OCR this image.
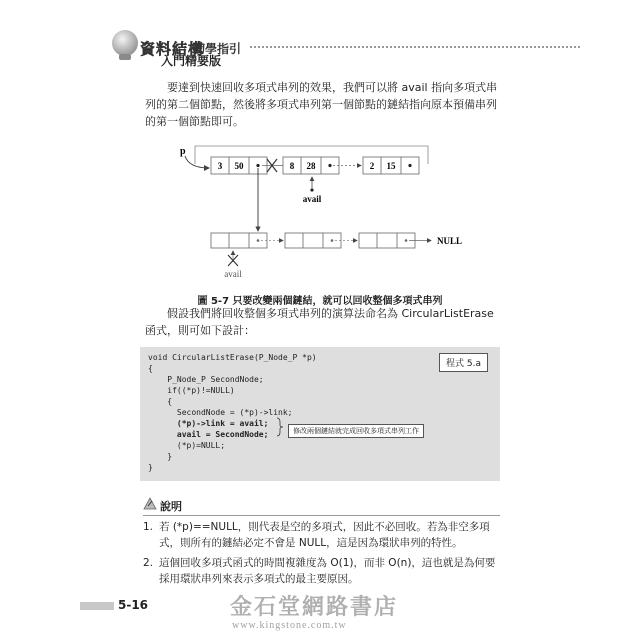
資料結構
初學指引
入門精要版
要達到快速回收多項式串列的效果，我們可以將 avail 指向多項式串列的第二個節點，然後將多項式串列第一個節點的鏈結指向原本預備串列的第一個節點即可。
p
3 50	8 28	2 15
avail
NULL
avail
圖 5-7 只要改變兩個鏈結，就可以回收整個多項式串列
假設我們將回收整個多項式串列的演算法命名為 CircularListErase 函式，則可如下設計：
程式 5.a
void CircularListErase(P_Node_P *p)
{
P_Node_P SecondNode;
if((*p)!=NULL)
{
SecondNode = (*p)->link;
(*p)->link = avail;
avail = SecondNode;
(*p)=NULL;
}
}
修改兩個鏈結就完成回收多項式串列工作
說明
1. 若 (*p)==NULL，則代表是空的多項式，因此不必回收。若為非空多項式，則所有的鏈結必定不會是 NULL，這是因為環狀串列的特性。
2. 這個回收多項式函式的時間複雜度為 O(1)，而非 O(n)，這也就是為何要採用環狀串列來表示多項式的最主要原因。
5-16	金石堂網路書店
www.kingstone.com.tw
